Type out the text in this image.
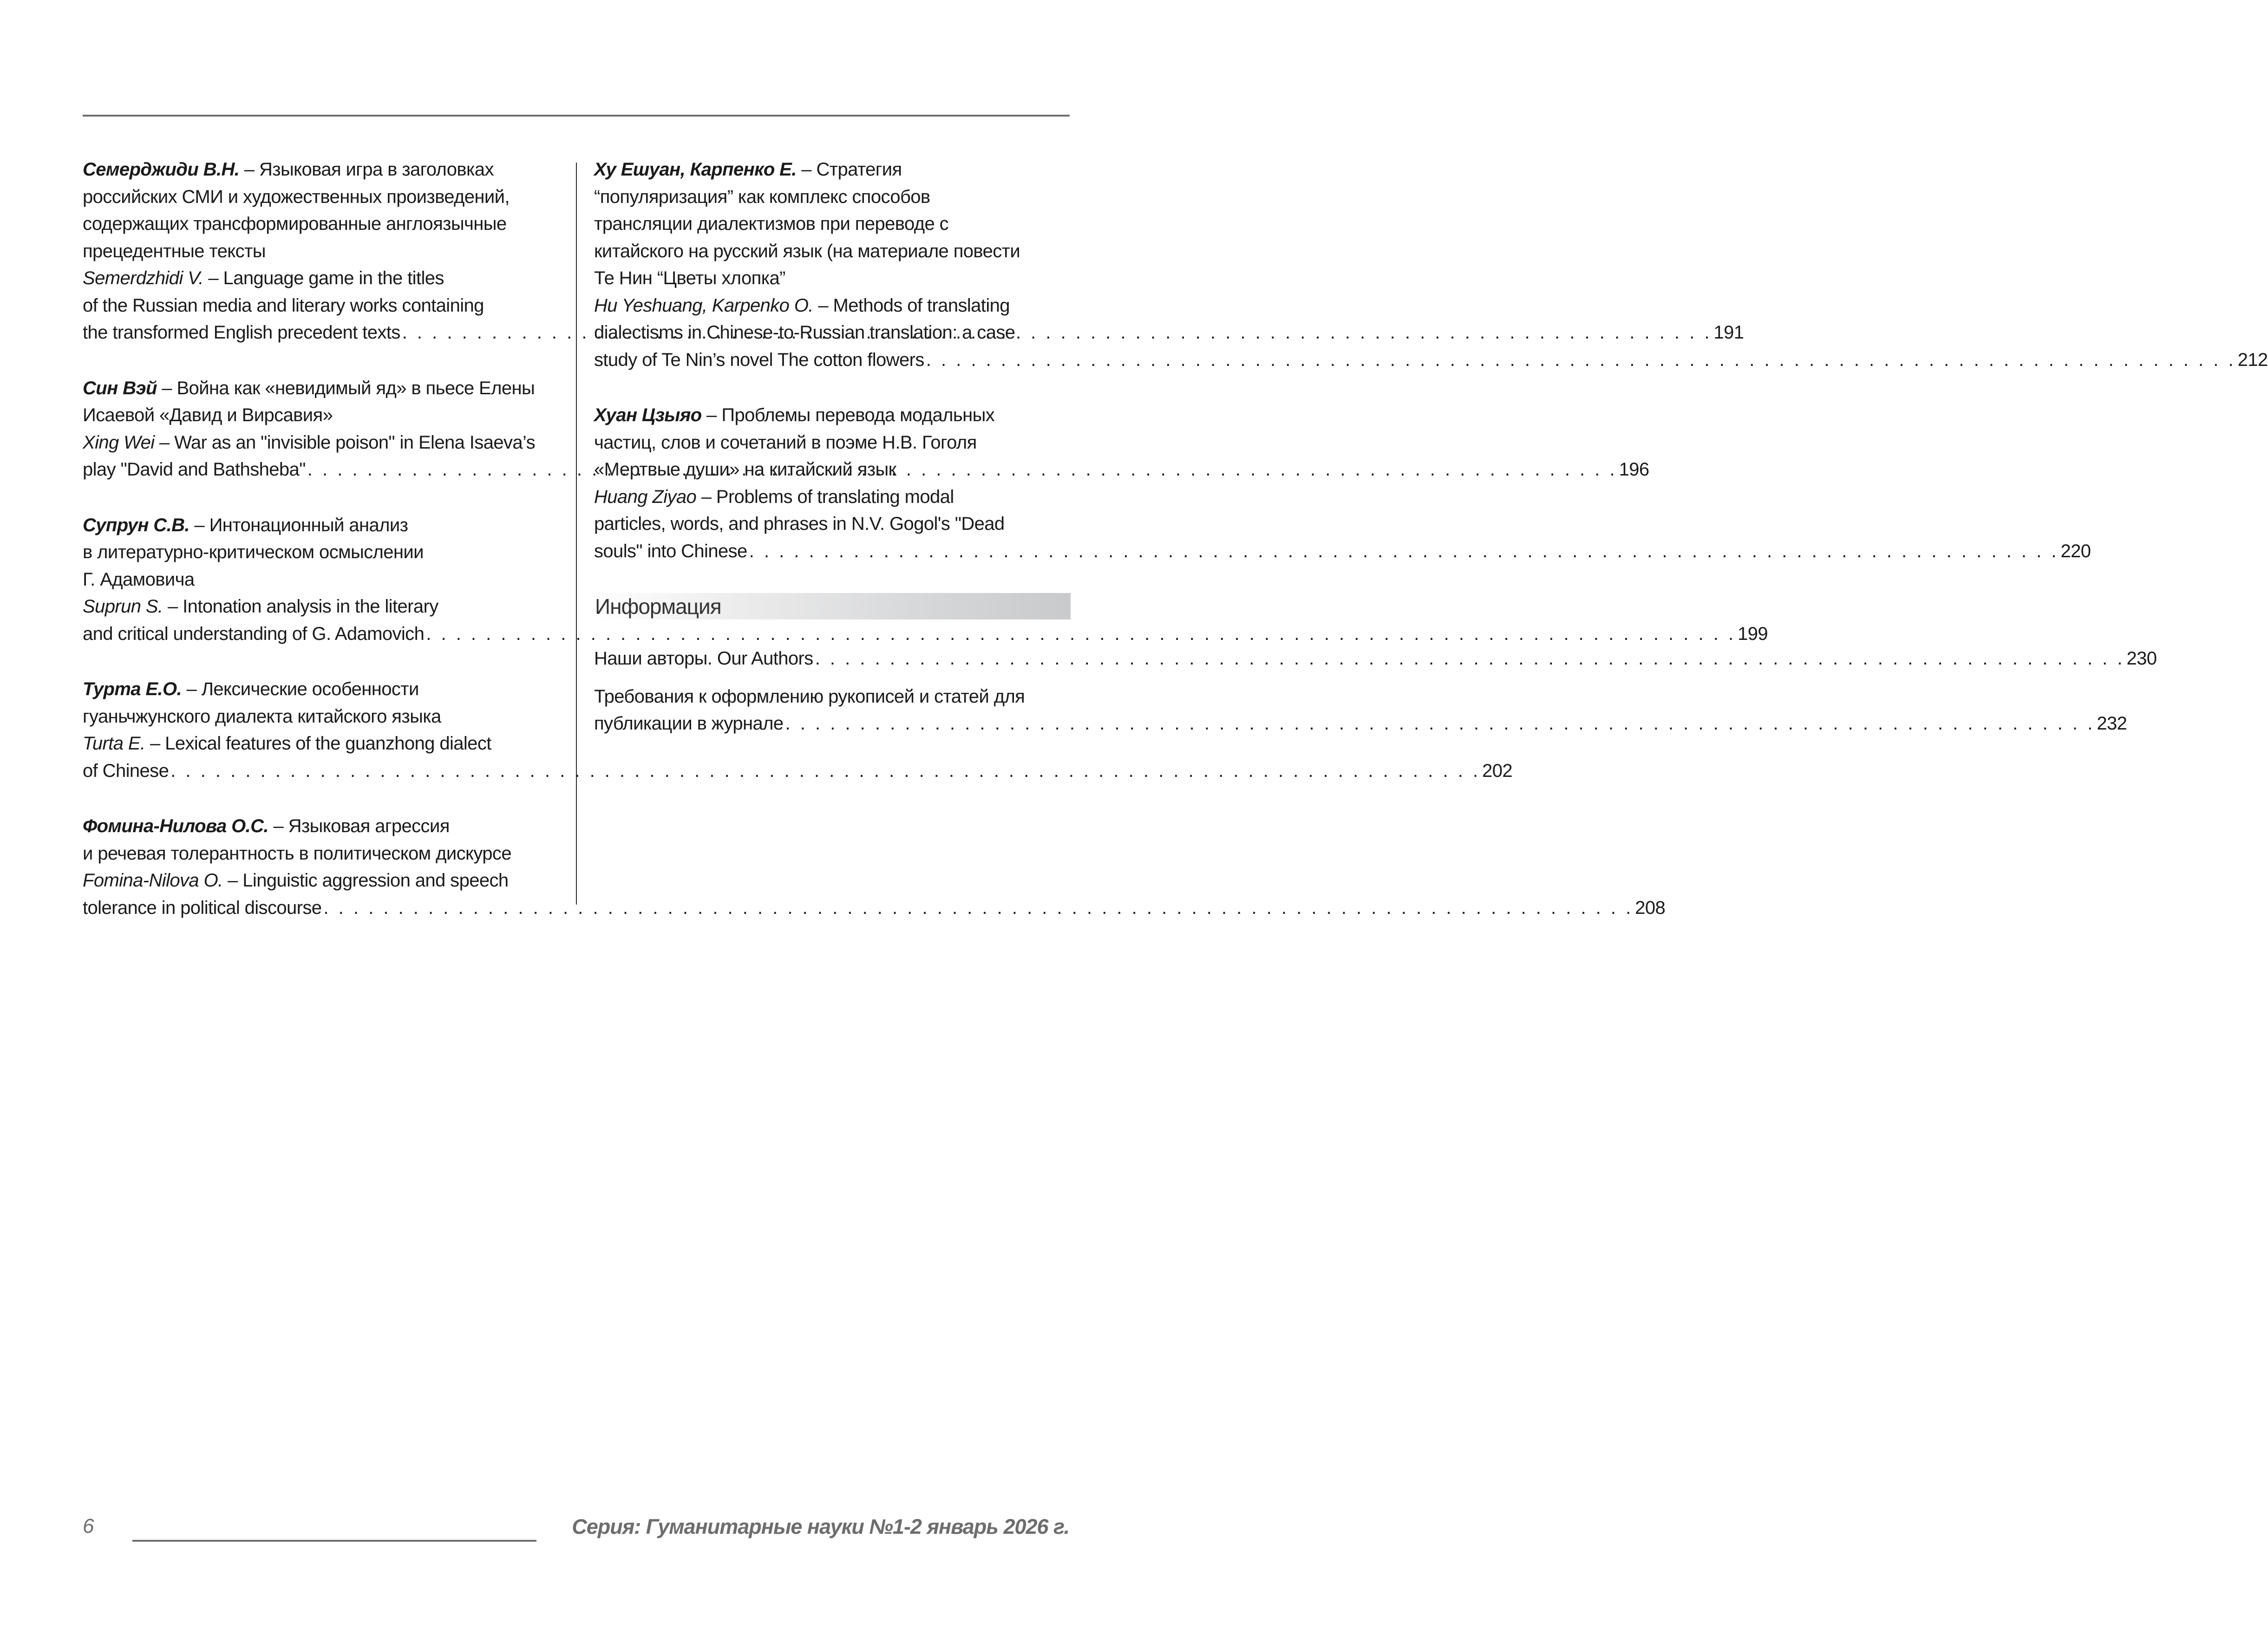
Семерджиди В.Н. – Языковая игра в заголовках
российских СМИ и художественных произведений,
содержащих трансформированные англоязычные
прецедентные тексты
Semerdzhidi V. – Language game in the titles
of the Russian media and literary works containing
the transformed English precedent texts . . .	191
Син Вэй – Война как «невидимый яд» в пьесе Елены
Исаевой «Давид и Вирсавия»
Xing Wei – War as an "invisible poison" in Elena Isaeva’s
play "David and Bathsheba" . . .	196
Супрун С.В. – Интонационный анализ
в литературно-критическом осмыслении
Г. Адамовича
Suprun S. – Intonation analysis in the literary
and critical understanding of G. Adamovich . . .	199
Турта Е.О. – Лексические особенности
гуаньчжунского диалекта китайского языка
Turta E. – Lexical features of the guanzhong dialect
of Chinese . . .	202
Фомина-Нилова О.С. – Языковая агрессия
и речевая толерантность в политическом дискурсе
Fomina-Nilova O. – Linguistic aggression and speech
tolerance in political discourse . . .	208
Ху Ешуан, Карпенко Е. – Стратегия
“популяризация” как комплекс способов
трансляции диалектизмов при переводе с
китайского на русский язык (на материале повести
Те Нин “Цветы хлопка”
Hu Yeshuang, Karpenko O. – Methods of translating
dialectisms in Chinese-to-Russian translation: a case
study of Te Nin’s novel The cotton flowers . . .	212
Хуан Цзыяо – Проблемы перевода модальных
частиц, слов и сочетаний в поэме Н.В. Гоголя
«Мертвые души» на китайский язык
Huang Ziyao – Problems of translating modal
particles, words, and phrases in N.V. Gogol's "Dead
souls" into Chinese . . .	220
Информация
Наши авторы. Our Authors . . .	230
Требования к оформлению рукописей и статей для
публикации в журнале . . .	232
6	Серия: Гуманитарные науки №1-2 январь 2026 г.
